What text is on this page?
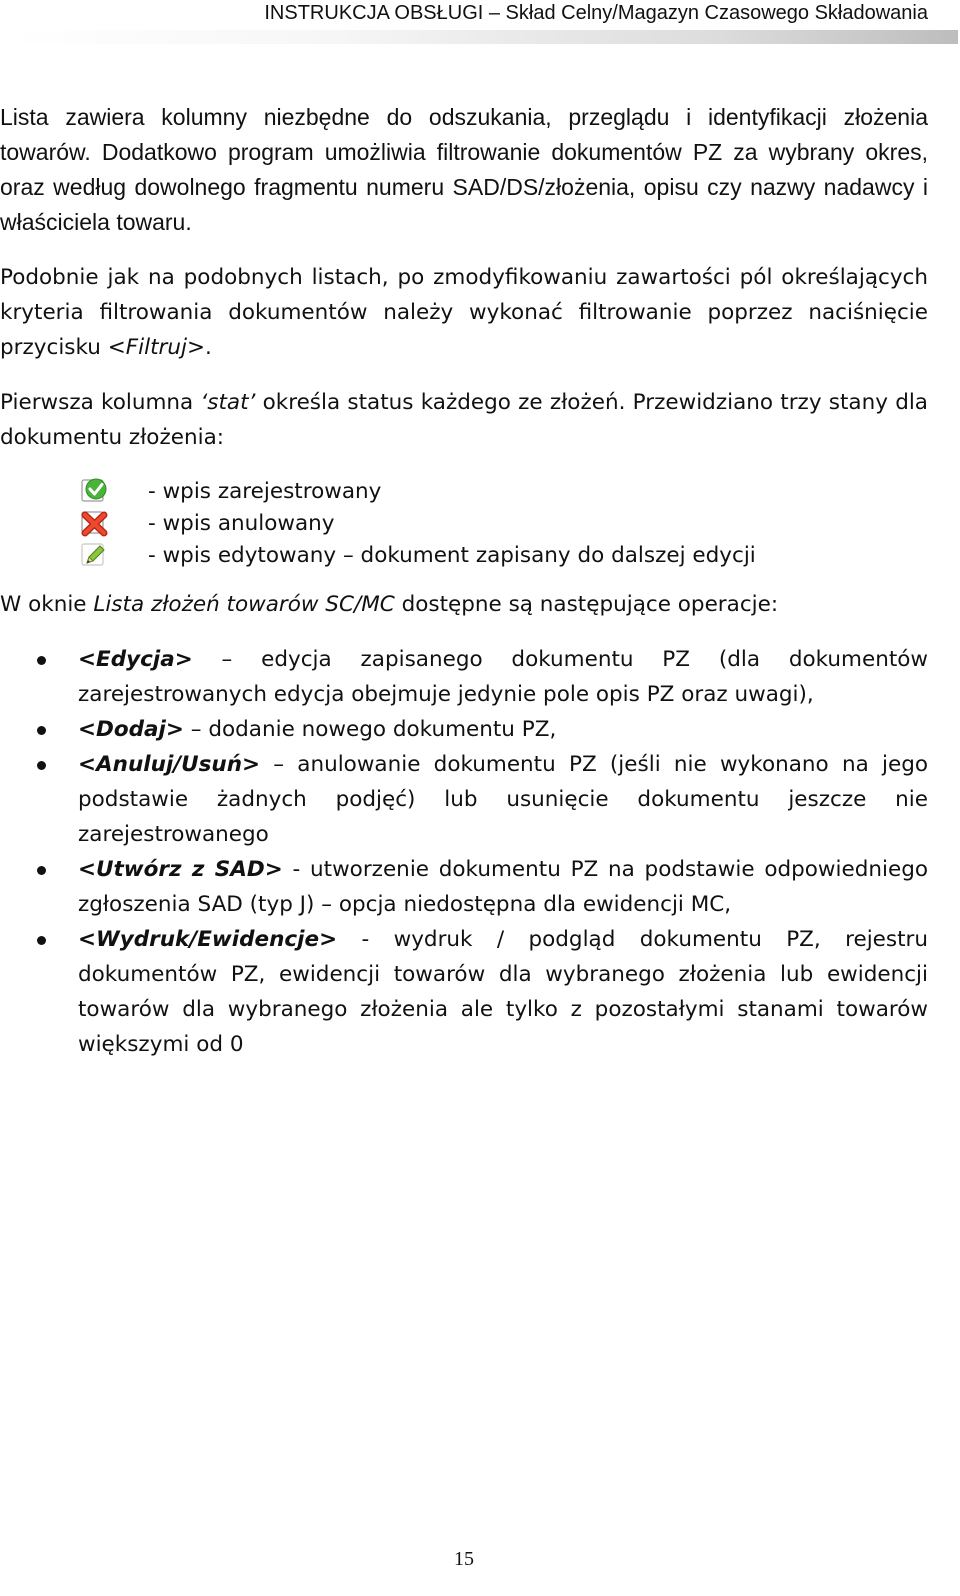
INSTRUKCJA OBSŁUGI – Skład Celny/Magazyn Czasowego Składowania

Lista zawiera kolumny niezbędne do odszukania, przeglądu i identyfikacji złożenia towarów. Dodatkowo program umożliwia filtrowanie dokumentów PZ za wybrany okres, oraz według dowolnego fragmentu numeru SAD/DS/złożenia, opisu czy nazwy nadawcy i właściciela towaru.

Podobnie jak na podobnych listach, po zmodyfikowaniu zawartości pól określających kryteria filtrowania dokumentów należy wykonać filtrowanie poprzez naciśnięcie przycisku <Filtruj>.

Pierwsza kolumna ‘stat’ określa status każdego ze złożeń. Przewidziano trzy stany dla dokumentu złożenia:

- wpis zarejestrowany
- wpis anulowany
- wpis edytowany – dokument zapisany do dalszej edycji

W oknie Lista złożeń towarów SC/MC dostępne są następujące operacje:

<Edycja> – edycja zapisanego dokumentu PZ (dla dokumentów zarejestrowanych edycja obejmuje jedynie pole opis PZ oraz uwagi),
<Dodaj> – dodanie nowego dokumentu PZ,
<Anuluj/Usuń> – anulowanie dokumentu PZ (jeśli nie wykonano na jego podstawie żadnych podjęć) lub usunięcie dokumentu jeszcze nie zarejestrowanego
<Utwórz z SAD> - utworzenie dokumentu PZ na podstawie odpowiedniego zgłoszenia SAD (typ J) – opcja niedostępna dla ewidencji MC,
<Wydruk/Ewidencje> - wydruk / podgląd dokumentu PZ, rejestru dokumentów PZ, ewidencji towarów dla wybranego złożenia lub ewidencji towarów dla wybranego złożenia ale tylko z pozostałymi stanami towarów większymi od 0
15
